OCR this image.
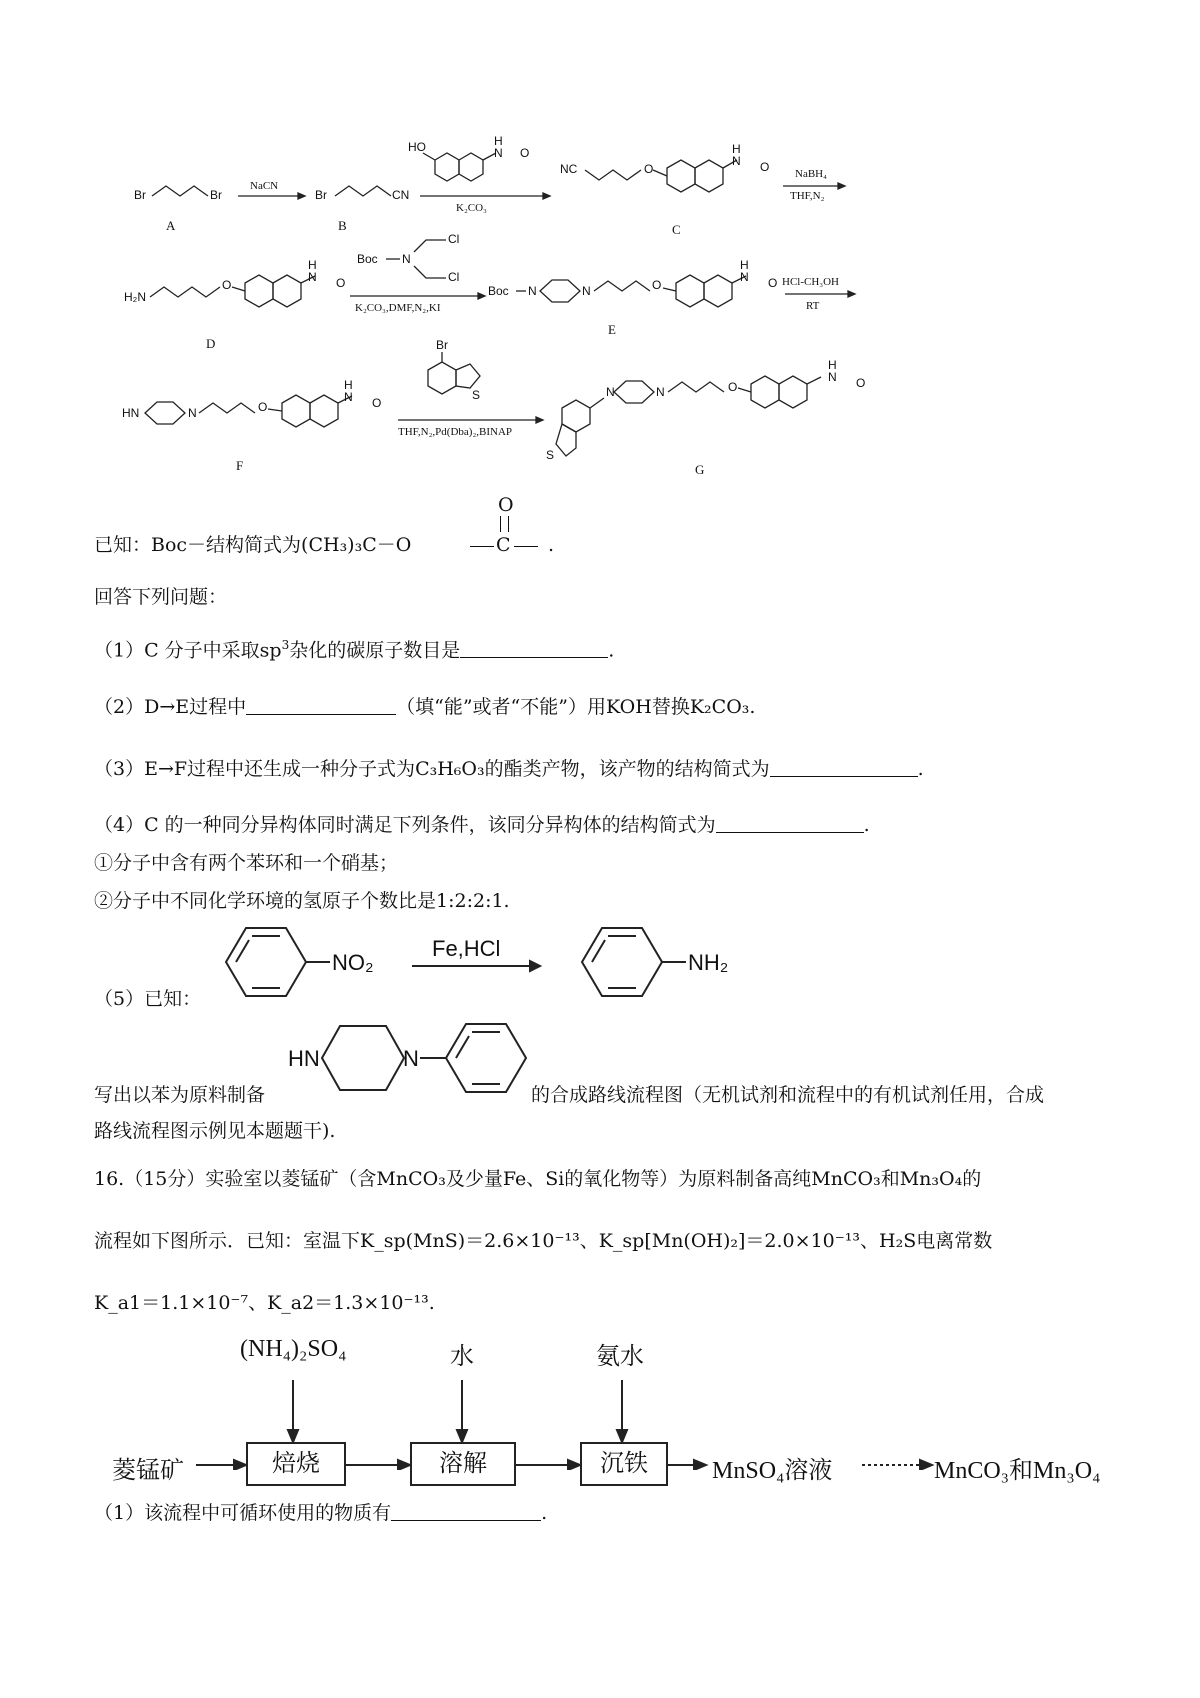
Br	Br
A
NaCN
Br	CN
B
HO	H
N O
K₂CO₃
NC	O
H
N O
C
NaBH₄
THF,N₂
H₂N
O
H
N O
D
Boc N
Cl
Cl
K₂CO₃,DMF,N₂,KI
Boc N	N	O
H
N O
E
HCl-CH₃OH
RT
HN	N	O
H
N O
F
Br
S
THF,N₂,Pd(Dba)₂,BINAP
S
N	N	O
H
N O
G
已知：Boc－结构简式为(CH₃)₃C－O
O
C .
回答下列问题：
（1）C 分子中采取$sp^3$杂化的碳原子数目是	.
（2）D→E过程中	（填“能”或者“不能”）用KOH替换K₂CO₃.
（3）E→F过程中还生成一种分子式为C₃H₆O₃的酯类产物，该产物的结构简式为	.
（4）C 的一种同分异构体同时满足下列条件，该同分异构体的结构简式为	.
①分子中含有两个苯环和一个硝基；
②分子中不同化学环境的氢原子个数比是1:2:2:1.
NO₂
Fe,HCl
NH₂
HN	N
（5）已知：
写出以苯为原料制备	的合成路线流程图（无机试剂和流程中的有机试剂任用，合成
路线流程图示例见本题题干).
16.（15分）实验室以菱锰矿（含MnCO₃及少量Fe、Si的氧化物等）为原料制备高纯MnCO₃和Mn₃O₄的
流程如下图所示．已知：室温下K_sp(MnS)＝2.6×10⁻¹³、K_sp[Mn(OH)₂]＝2.0×10⁻¹³、H₂S电离常数
K_a1＝1.1×10⁻⁷、K_a2＝1.3×10⁻¹³.
(NH₄)₂SO₄	水	氨水
菱锰矿	焙烧	溶解	沉铁	MnSO₄溶液	MnCO₃和Mn₃O₄
（1）该流程中可循环使用的物质有	.
